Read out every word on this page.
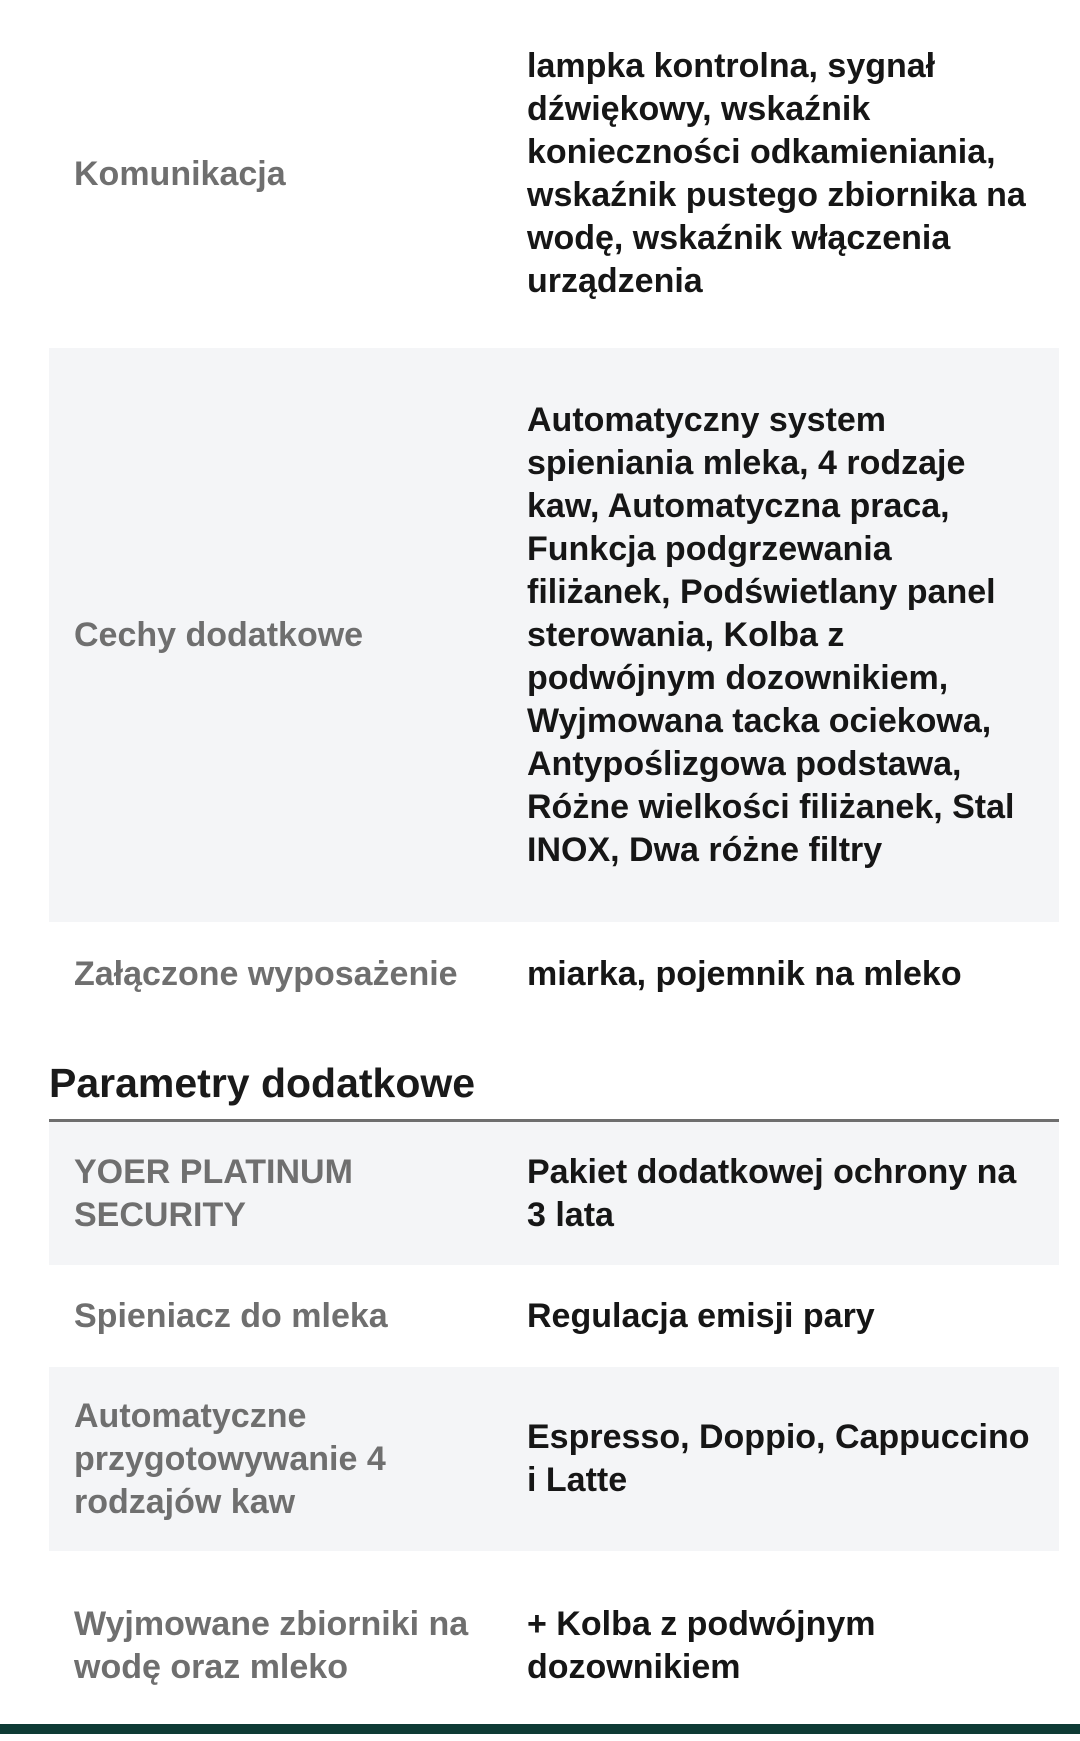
Komunikacja
lampka kontrolna, sygnał dźwiękowy, wskaźnik konieczności odkamieniania, wskaźnik pustego zbiornika na wodę, wskaźnik włączenia urządzenia
Cechy dodatkowe
Automatyczny system spieniania mleka, 4 rodzaje kaw, Automatyczna praca, Funkcja podgrzewania filiżanek, Podświetlany panel sterowania, Kolba z podwójnym dozownikiem, Wyjmowana tacka ociekowa, Antypoślizgowa podstawa, Różne wielkości filiżanek, Stal INOX, Dwa różne filtry
Załączone wyposażenie	miarka, pojemnik na mleko
Parametry dodatkowe
YOER PLATINUM SECURITY
Pakiet dodatkowej ochrony na 3 lata
Spieniacz do mleka	Regulacja emisji pary
Automatyczne przygotowywanie 4 rodzajów kaw
Espresso, Doppio, Cappuccino i Latte
Wyjmowane zbiorniki na wodę oraz mleko
+ Kolba z podwójnym dozownikiem
